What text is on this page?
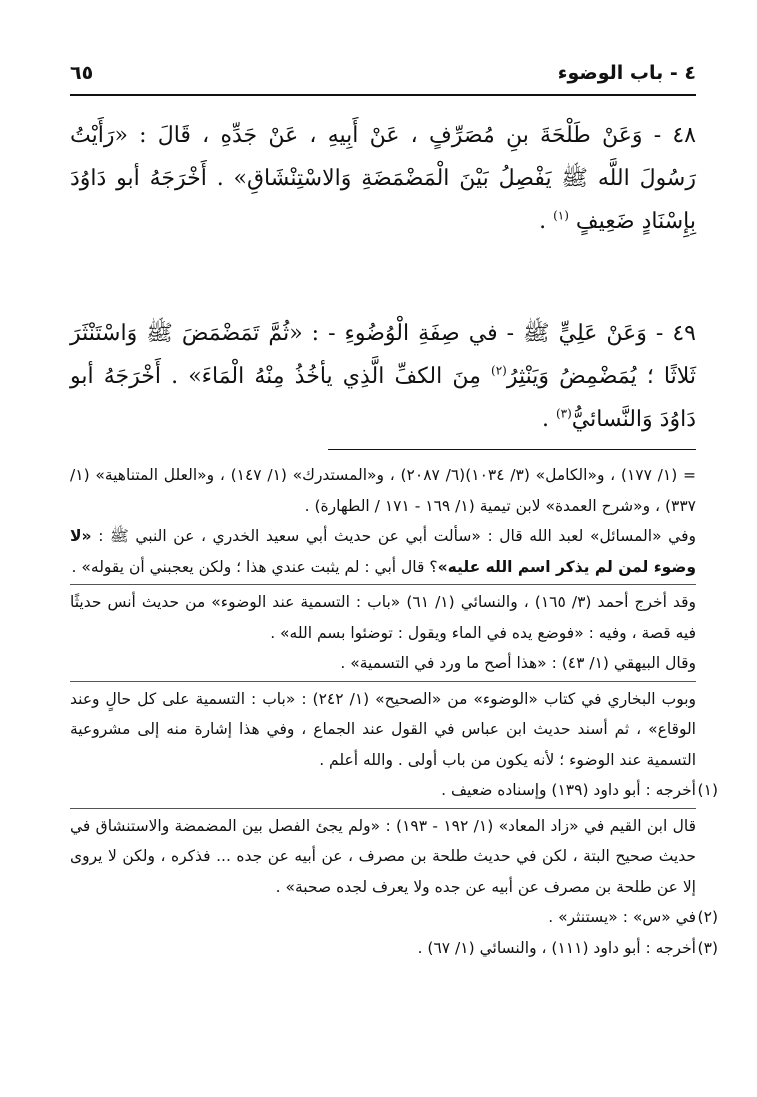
٤ - باب الوضوء
٦٥

٤٨ - وَعَنْ طَلْحَةَ بنِ مُصَرِّفٍ ، عَنْ أَبِيهِ ، عَنْ جَدِّهِ ، قَالَ : «رَأَيْتُ رَسُولَ اللَّه ﷺ يَفْصِلُ بَيْنَ الْمَضْمَضَةِ وَالاسْتِنْشَاقِ» . أَخْرَجَهُ أبو دَاوُدَ بِإِسْنَادٍ ضَعِيفٍ $^{(١)}$ .

٤٩ - وَعَنْ عَلِيٍّ ﷺ - في صِفَةِ الْوُضُوءِ - : «ثُمَّ تَمَضْمَضَ ﷺ وَاسْتَنْثَرَ ثَلاثًا ؛ يُمَضْمِضُ وَيَنْثِرُ$^{(٢)}$ مِنَ الكفِّ الَّذِي يأخُذُ مِنْهُ الْمَاءَ» . أَخْرَجَهُ أبو دَاوُدَ وَالنَّسائيُّ$^{(٣)}$ .

= (١/ ١٧٧) ، و«الكامل» (٣/ ١٠٣٤)(٦/ ٢٠٨٧) ، و«المستدرك» (١/ ١٤٧) ، و«العلل المتناهية» (١/ ٣٣٧) ، و«شرح العمدة» لابن تيمية (١/ ١٦٩ - ١٧١ / الطهارة) .

وفي «المسائل» لعبد الله قال : «سألت أبي عن حديث أبي سعيد الخدري ، عن النبي ﷺ : «لا وضوء لمن لم يذكر اسم الله عليه»؟ قال أبي : لم يثبت عندي هذا ؛ ولكن يعجبني أن يقوله» .

وقد أخرج أحمد (٣/ ١٦٥) ، والنسائي (١/ ٦١) «باب : التسمية عند الوضوء» من حديث أنس حديثًا فيه قصة ، وفيه : «فوضع يده في الماء ويقول : توضئوا بسم الله» .

وقال البيهقي (١/ ٤٣) : «هذا أصح ما ورد في التسمية» .

وبوب البخاري في كتاب «الوضوء» من «الصحيح» (١/ ٢٤٢) : «باب : التسمية على كل حالٍ وعند الوقاع» ، ثم أسند حديث ابن عباس في القول عند الجماع ، وفي هذا إشارة منه إلى مشروعية التسمية عند الوضوء ؛ لأنه يكون من باب أولى . والله أعلم .

(١)
أخرجه : أبو داود (١٣٩) وإسناده ضعيف .

قال ابن القيم في «زاد المعاد» (١/ ١٩٢ - ١٩٣) : «ولم يجئ الفصل بين المضمضة والاستنشاق في حديث صحيح البتة ، لكن في حديث طلحة بن مصرف ، عن أبيه عن جده ... فذكره ، ولكن لا يروى إلا عن طلحة بن مصرف عن أبيه عن جده ولا يعرف لجده صحبة» .

(٢)
في «س» : «يستنثر» .

(٣)
أخرجه : أبو داود (١١١) ، والنسائي (١/ ٦٧) .
